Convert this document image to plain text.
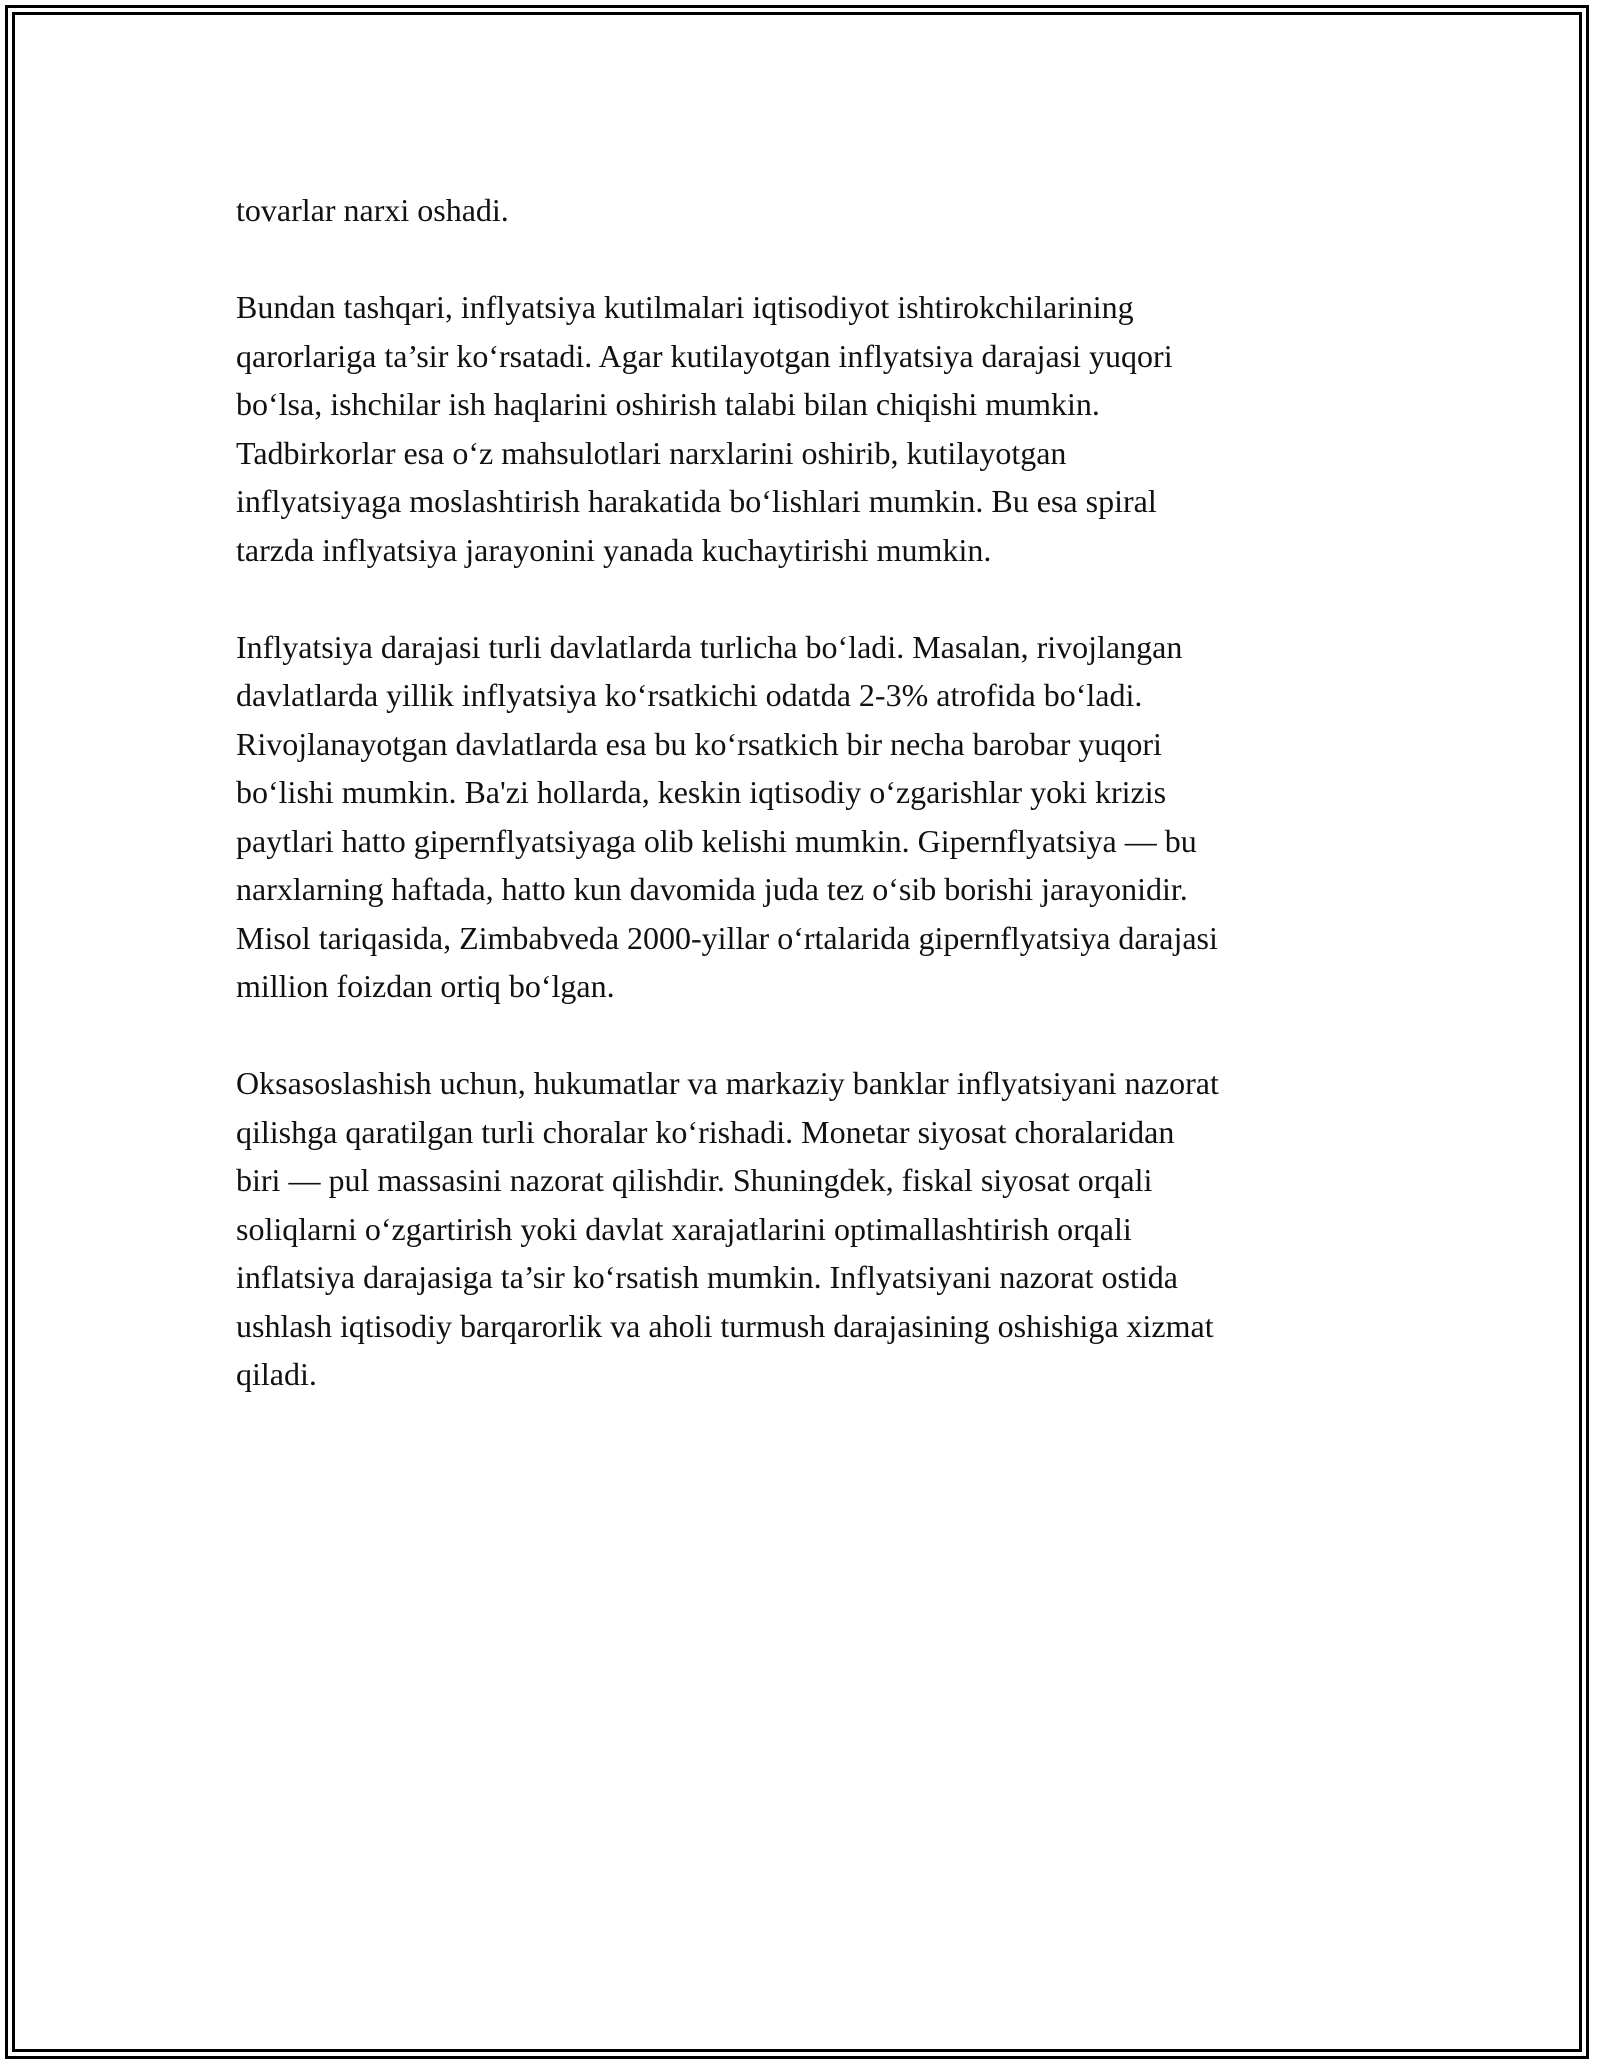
tovarlar narxi oshadi.

Bundan tashqari, inflyatsiya kutilmalari iqtisodiyot ishtirokchilarining
qarorlariga ta’sir ko‘rsatadi. Agar kutilayotgan inflyatsiya darajasi yuqori
bo‘lsa, ishchilar ish haqlarini oshirish talabi bilan chiqishi mumkin.
Tadbirkorlar esa o‘z mahsulotlari narxlarini oshirib, kutilayotgan
inflyatsiyaga moslashtirish harakatida bo‘lishlari mumkin. Bu esa spiral
tarzda inflyatsiya jarayonini yanada kuchaytirishi mumkin.

Inflyatsiya darajasi turli davlatlarda turlicha bo‘ladi. Masalan, rivojlangan
davlatlarda yillik inflyatsiya ko‘rsatkichi odatda 2-3% atrofida bo‘ladi.
Rivojlanayotgan davlatlarda esa bu ko‘rsatkich bir necha barobar yuqori
bo‘lishi mumkin. Ba'zi hollarda, keskin iqtisodiy o‘zgarishlar yoki krizis
paytlari hatto gipernflyatsiyaga olib kelishi mumkin. Gipernflyatsiya — bu
narxlarning haftada, hatto kun davomida juda tez o‘sib borishi jarayonidir.
Misol tariqasida, Zimbabveda 2000-yillar o‘rtalarida gipernflyatsiya darajasi
million foizdan ortiq bo‘lgan.

Oksasoslashish uchun, hukumatlar va markaziy banklar inflyatsiyani nazorat
qilishga qaratilgan turli choralar ko‘rishadi. Monetar siyosat choralaridan
biri — pul massasini nazorat qilishdir. Shuningdek, fiskal siyosat orqali
soliqlarni o‘zgartirish yoki davlat xarajatlarini optimallashtirish orqali
inflatsiya darajasiga ta’sir ko‘rsatish mumkin. Inflyatsiyani nazorat ostida
ushlash iqtisodiy barqarorlik va aholi turmush darajasining oshishiga xizmat
qiladi.
